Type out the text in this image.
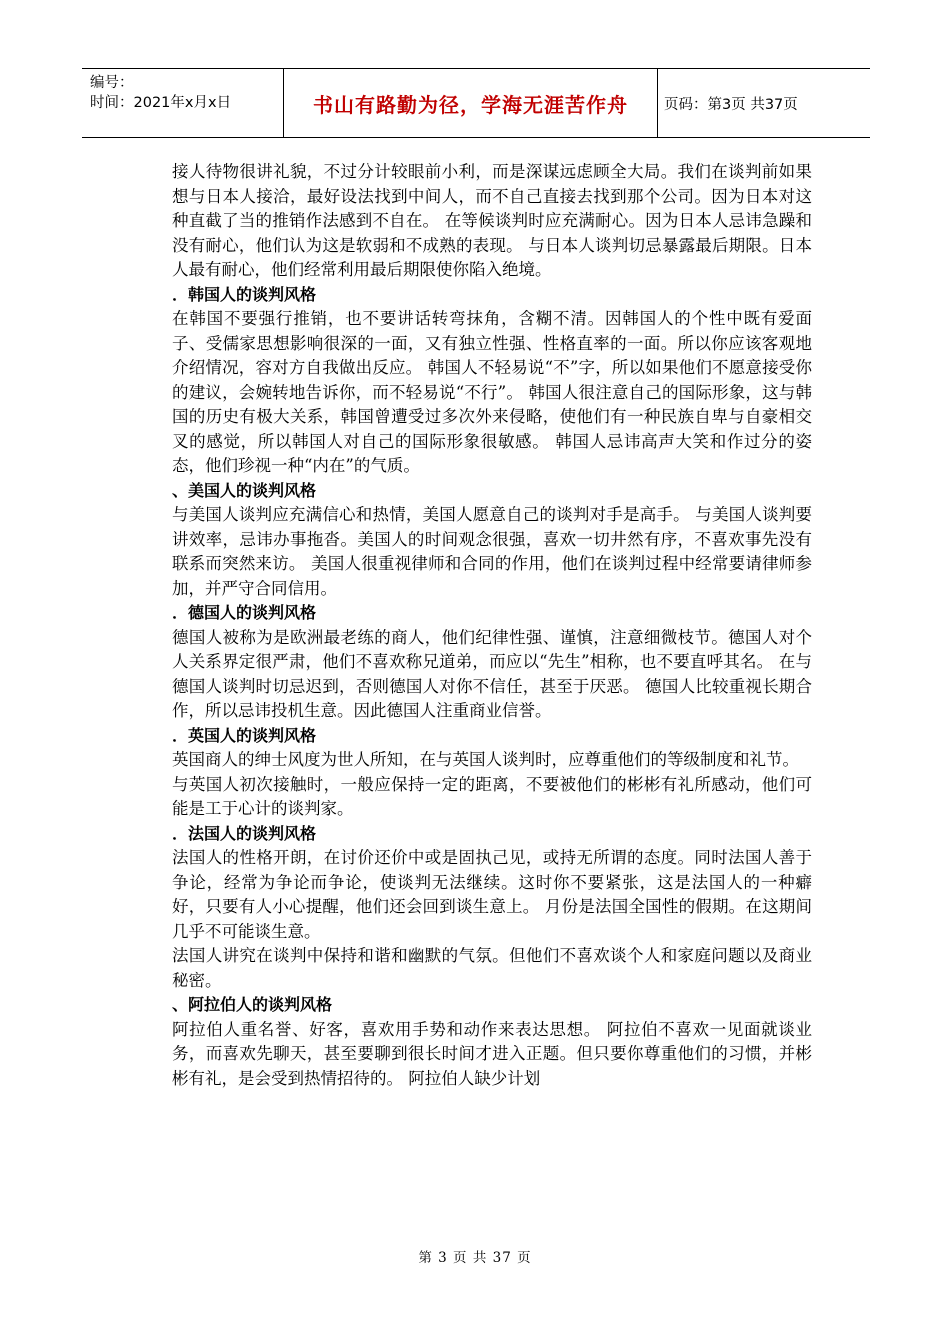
编号：
时间：2021年x月x日	书山有路勤为径，学海无涯苦作舟	页码：第3页 共37页

接人待物很讲礼貌，不过分计较眼前小利，而是深谋远虑顾全大局。我们在谈判前如果想与日本人接洽，最好设法找到中间人，而不自己直接去找到那个公司。因为日本对这种直截了当的推销作法感到不自在。 在等候谈判时应充满耐心。因为日本人忌讳急躁和没有耐心，他们认为这是软弱和不成熟的表现。 与日本人谈判切忌暴露最后期限。日本人最有耐心，他们经常利用最后期限使你陷入绝境。

．韩国人的谈判风格

在韩国不要强行推销，也不要讲话转弯抹角，含糊不清。因韩国人的个性中既有爱面子、受儒家思想影响很深的一面，又有独立性强、性格直率的一面。所以你应该客观地介绍情况，容对方自我做出反应。 韩国人不轻易说“不”字，所以如果他们不愿意接受你的建议，会婉转地告诉你，而不轻易说“不行”。 韩国人很注意自己的国际形象，这与韩国的历史有极大关系，韩国曾遭受过多次外来侵略，使他们有一种民族自卑与自豪相交叉的感觉，所以韩国人对自己的国际形象很敏感。 韩国人忌讳高声大笑和作过分的姿态，他们珍视一种“内在”的气质。

、美国人的谈判风格

与美国人谈判应充满信心和热情，美国人愿意自己的谈判对手是高手。 与美国人谈判要讲效率，忌讳办事拖沓。美国人的时间观念很强，喜欢一切井然有序，不喜欢事先没有联系而突然来访。 美国人很重视律师和合同的作用，他们在谈判过程中经常要请律师参加，并严守合同信用。

．德国人的谈判风格

德国人被称为是欧洲最老练的商人，他们纪律性强、谨慎，注意细微枝节。德国人对个人关系界定很严肃，他们不喜欢称兄道弟，而应以“先生”相称，也不要直呼其名。 在与德国人谈判时切忌迟到，否则德国人对你不信任，甚至于厌恶。 德国人比较重视长期合作，所以忌讳投机生意。因此德国人注重商业信誉。

．英国人的谈判风格

英国商人的绅士风度为世人所知，在与英国人谈判时，应尊重他们的等级制度和礼节。

与英国人初次接触时，一般应保持一定的距离，不要被他们的彬彬有礼所感动，他们可能是工于心计的谈判家。

．法国人的谈判风格

法国人的性格开朗，在讨价还价中或是固执己见，或持无所谓的态度。同时法国人善于争论，经常为争论而争论，使谈判无法继续。这时你不要紧张，这是法国人的一种癖好，只要有人小心提醒，他们还会回到谈生意上。 月份是法国全国性的假期。在这期间几乎不可能谈生意。

法国人讲究在谈判中保持和谐和幽默的气氛。但他们不喜欢谈个人和家庭问题以及商业秘密。

、阿拉伯人的谈判风格

阿拉伯人重名誉、好客，喜欢用手势和动作来表达思想。 阿拉伯不喜欢一见面就谈业务，而喜欢先聊天，甚至要聊到很长时间才进入正题。但只要你尊重他们的习惯，并彬彬有礼，是会受到热情招待的。 阿拉伯人缺少计划

第 3 页 共 37 页
